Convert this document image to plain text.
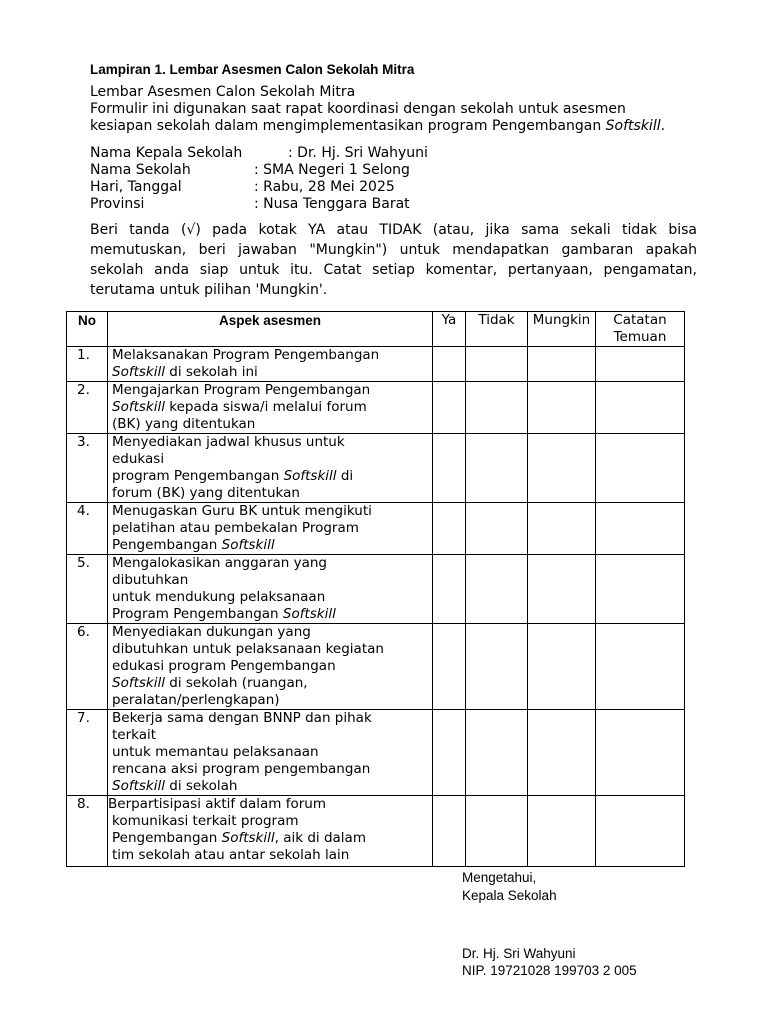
Lampiran 1. Lembar Asesmen Calon Sekolah Mitra
Lembar Asesmen Calon Sekolah Mitra
Formulir ini digunakan saat rapat koordinasi dengan sekolah untuk asesmen
kesiapan sekolah dalam mengimplementasikan program Pengembangan Softskill.
Nama Kepala Sekolah	: Dr. Hj. Sri Wahyuni
Nama Sekolah	: SMA Negeri 1 Selong
Hari, Tanggal	: Rabu, 28 Mei 2025
Provinsi	: Nusa Tenggara Barat
Beri tanda (√) pada kotak YA atau TIDAK (atau, jika sama sekali tidak bisa memutuskan, beri jawaban "Mungkin") untuk mendapatkan gambaran apakah sekolah anda siap untuk itu. Catat setiap komentar, pertanyaan, pengamatan, terutama untuk pilihan 'Mungkin'.
No	Aspek asesmen	Ya	Tidak	Mungkin	Catatan
Temuan

1.	Melaksanakan Program Pengembangan
Softskill di sekolah ini				

2.	Mengajarkan Program Pengembangan
Softskill kepada siswa/i melalui forum
(BK) yang ditentukan				

3.	Menyediakan jadwal khusus untuk
edukasi
program Pengembangan Softskill di
forum (BK) yang ditentukan				

4.	Menugaskan Guru BK untuk mengikuti
pelatihan atau pembekalan Program
Pengembangan Softskill				

5.	Mengalokasikan anggaran yang
dibutuhkan
untuk mendukung pelaksanaan
Program Pengembangan Softskill				

6.	Menyediakan dukungan yang
dibutuhkan untuk pelaksanaan kegiatan
edukasi program Pengembangan
Softskill di sekolah (ruangan,
peralatan/perlengkapan)				

7.	Bekerja sama dengan BNNP dan pihak
terkait
untuk memantau pelaksanaan
rencana aksi program pengembangan
Softskill di sekolah				

8.	Berpartisipasi aktif dalam forum
komunikasi terkait program
Pengembangan Softskill, aik di dalam
tim sekolah atau antar sekolah lain				

Mengetahui,
Kepala Sekolah
Dr. Hj. Sri Wahyuni
NIP. 19721028 199703 2 005
